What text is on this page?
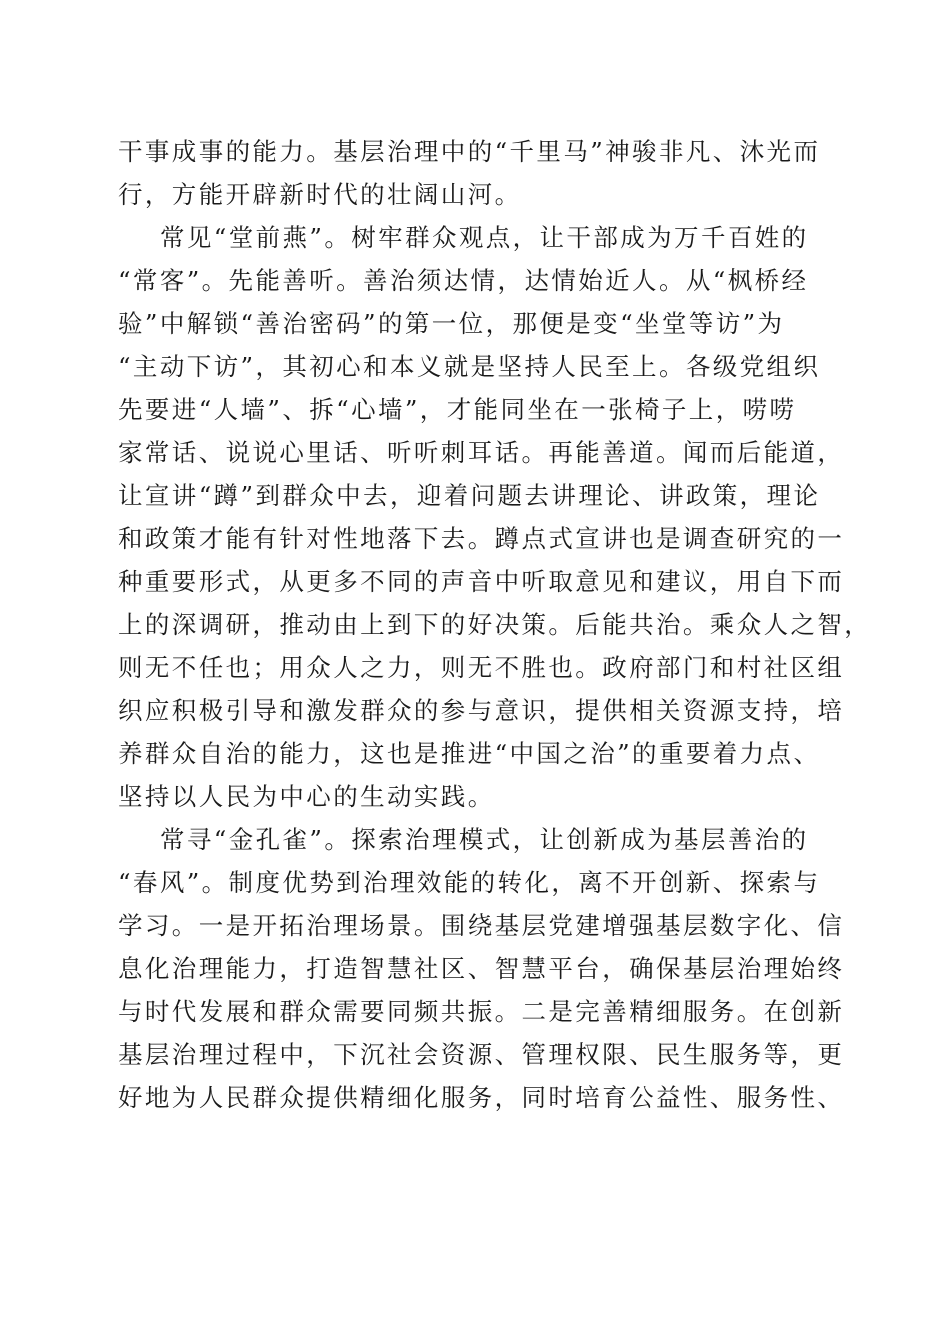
干事成事的能力。基层治理中的“千里马”神骏非凡、沐光而
行，方能开辟新时代的壮阔山河。
常见“堂前燕”。树牢群众观点，让干部成为万千百姓的
“常客”。先能善听。善治须达情，达情始近人。从“枫桥经
验”中解锁“善治密码”的第一位，那便是变“坐堂等访”为
“主动下访”，其初心和本义就是坚持人民至上。各级党组织
先要进“人墙”、拆“心墙”，才能同坐在一张椅子上，唠唠
家常话、说说心里话、听听刺耳话。再能善道。闻而后能道，
让宣讲“蹲”到群众中去，迎着问题去讲理论、讲政策，理论
和政策才能有针对性地落下去。蹲点式宣讲也是调查研究的一
种重要形式，从更多不同的声音中听取意见和建议，用自下而
上的深调研，推动由上到下的好决策。后能共治。乘众人之智，
则无不任也；用众人之力，则无不胜也。政府部门和村社区组
织应积极引导和激发群众的参与意识，提供相关资源支持，培
养群众自治的能力，这也是推进“中国之治”的重要着力点、
坚持以人民为中心的生动实践。
常寻“金孔雀”。探索治理模式，让创新成为基层善治的
“春风”。制度优势到治理效能的转化，离不开创新、探索与
学习。一是开拓治理场景。围绕基层党建增强基层数字化、信
息化治理能力，打造智慧社区、智慧平台，确保基层治理始终
与时代发展和群众需要同频共振。二是完善精细服务。在创新
基层治理过程中，下沉社会资源、管理权限、民生服务等，更
好地为人民群众提供精细化服务，同时培育公益性、服务性、
